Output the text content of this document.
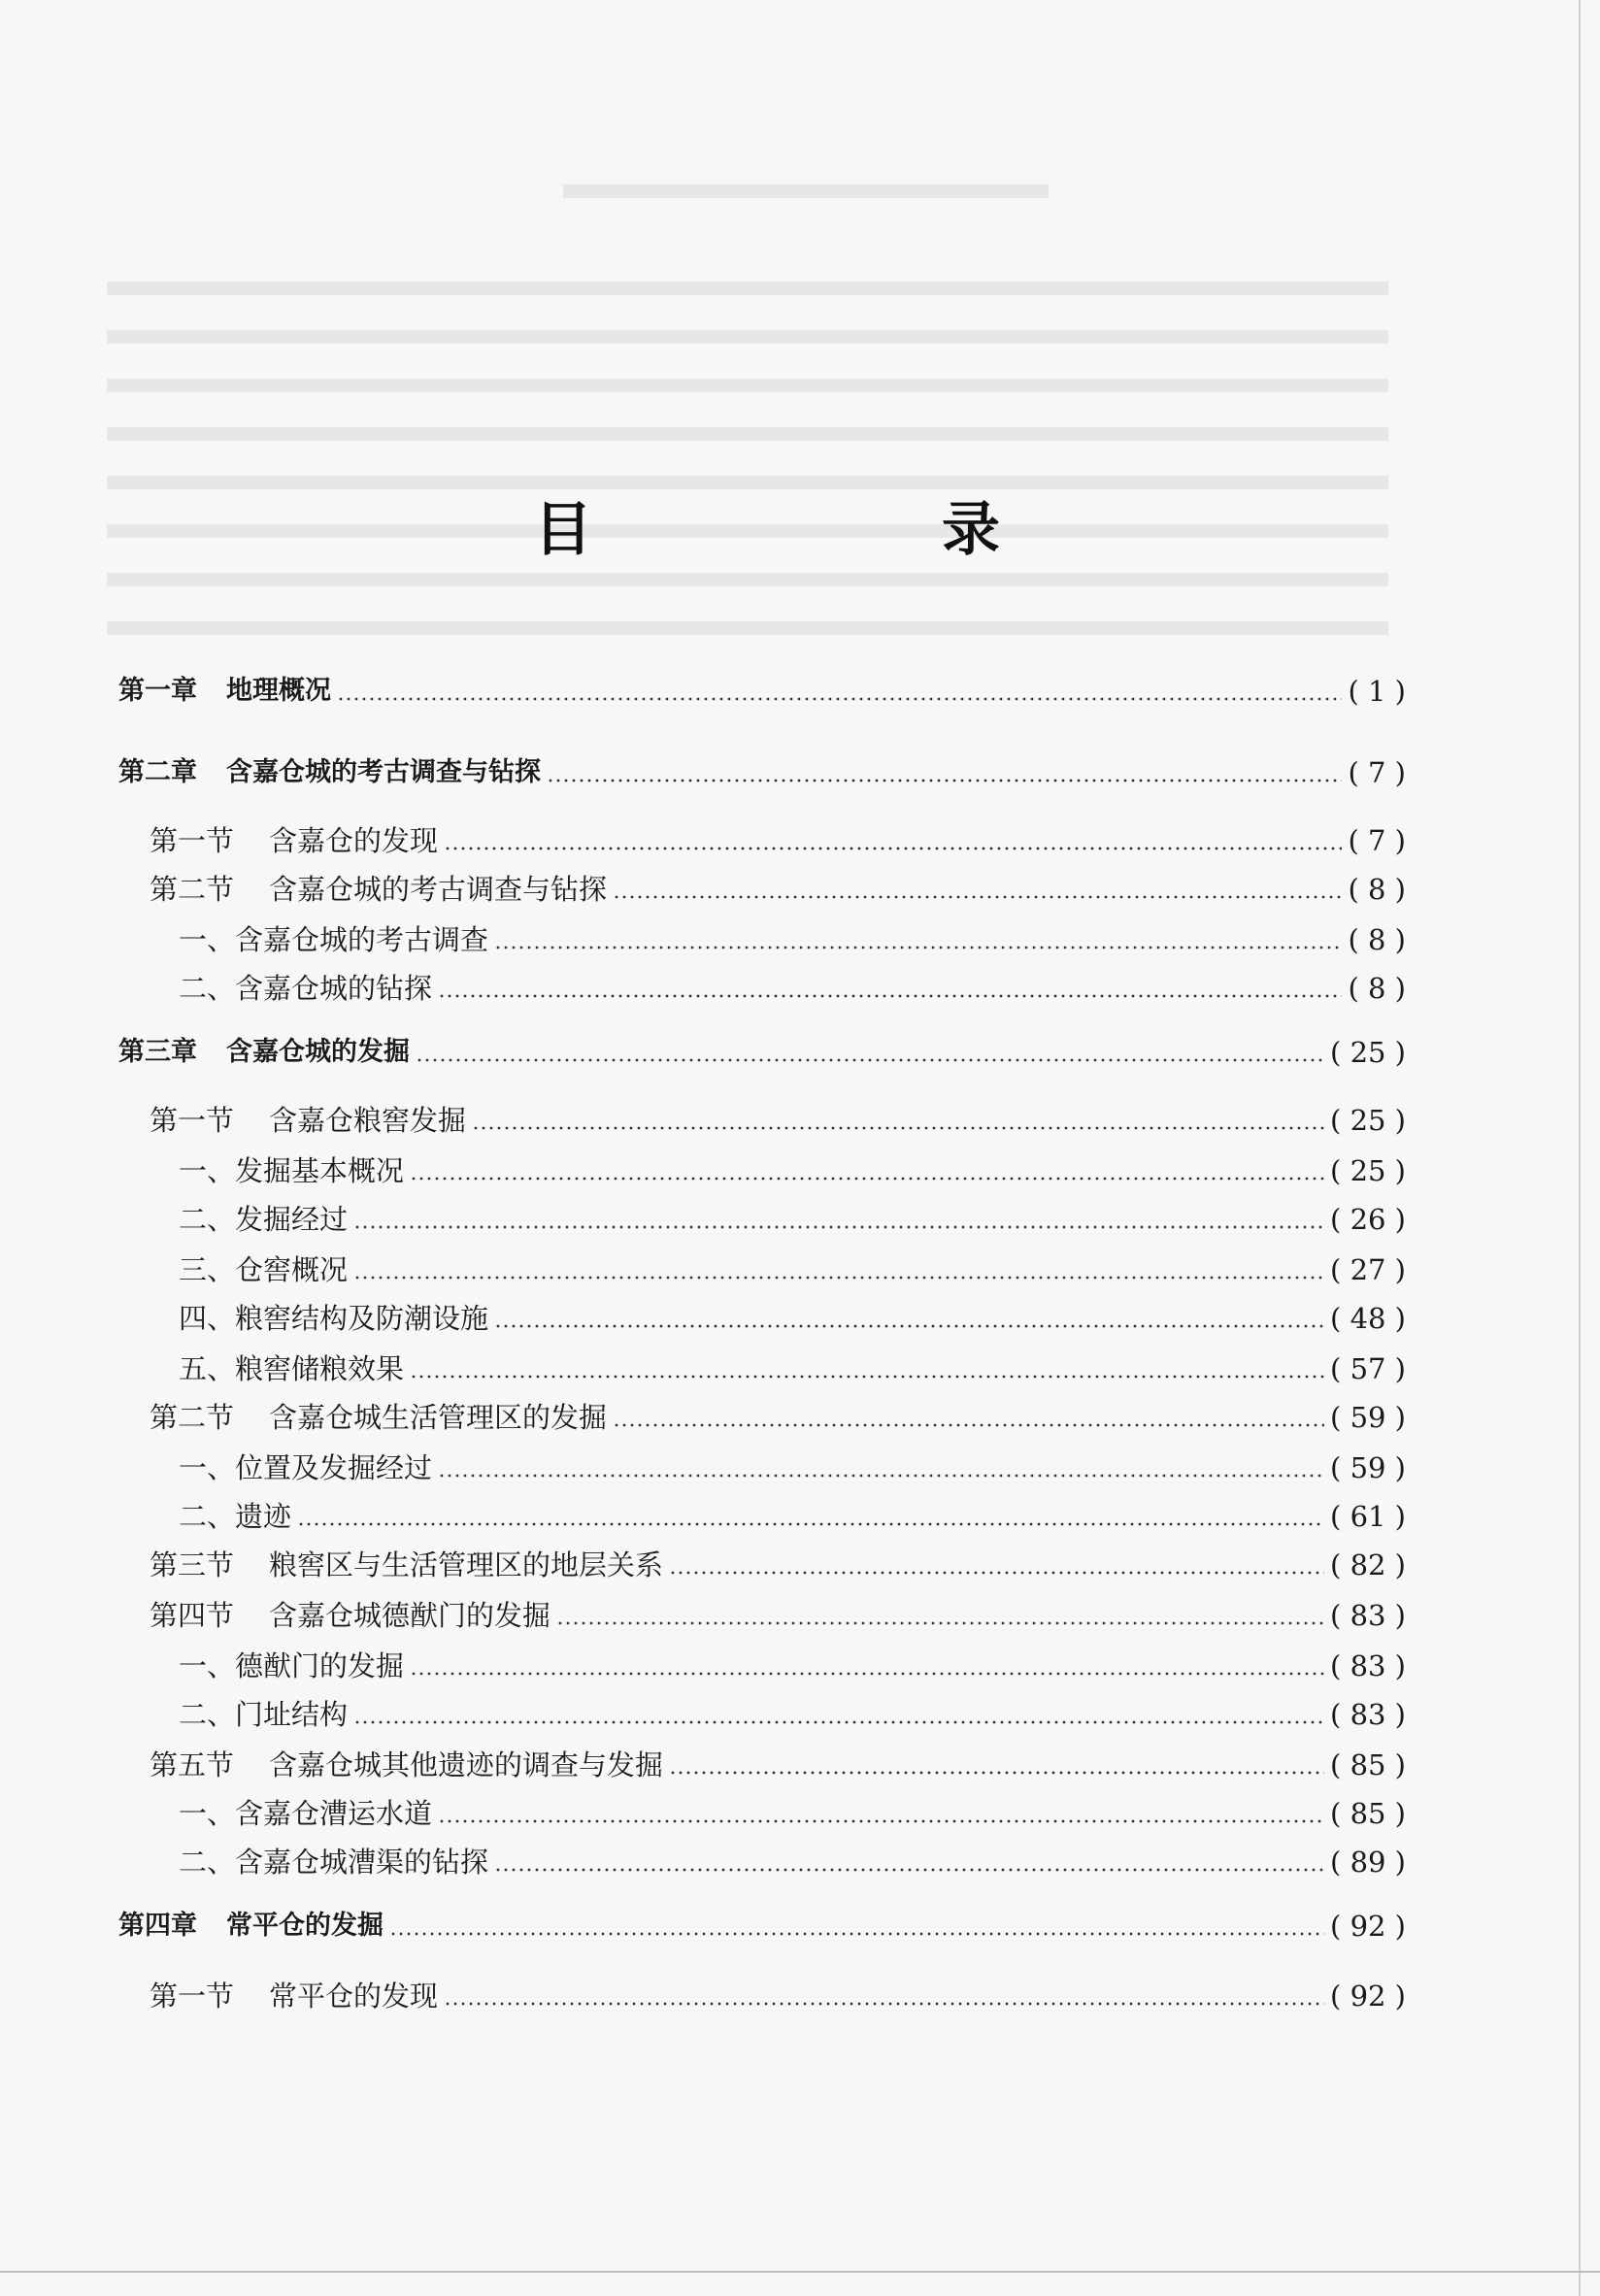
目　录
第一章 地理概况	( 1 )
第二章 含嘉仓城的考古调查与钻探	( 7 )
第一节 含嘉仓的发现	( 7 )
第二节 含嘉仓城的考古调查与钻探	( 8 )
一、含嘉仓城的考古调查	( 8 )
二、含嘉仓城的钻探	( 8 )
第三章 含嘉仓城的发掘	( 25 )
第一节 含嘉仓粮窖发掘	( 25 )
一、发掘基本概况	( 25 )
二、发掘经过	( 26 )
三、仓窖概况	( 27 )
四、粮窖结构及防潮设施	( 48 )
五、粮窖储粮效果	( 57 )
第二节 含嘉仓城生活管理区的发掘	( 59 )
一、位置及发掘经过	( 59 )
二、遗迹	( 61 )
第三节 粮窖区与生活管理区的地层关系	( 82 )
第四节 含嘉仓城德猷门的发掘	( 83 )
一、德猷门的发掘	( 83 )
二、门址结构	( 83 )
第五节 含嘉仓城其他遗迹的调查与发掘	( 85 )
一、含嘉仓漕运水道	( 85 )
二、含嘉仓城漕渠的钻探	( 89 )
第四章 常平仓的发掘	( 92 )
第一节 常平仓的发现	( 92 )
